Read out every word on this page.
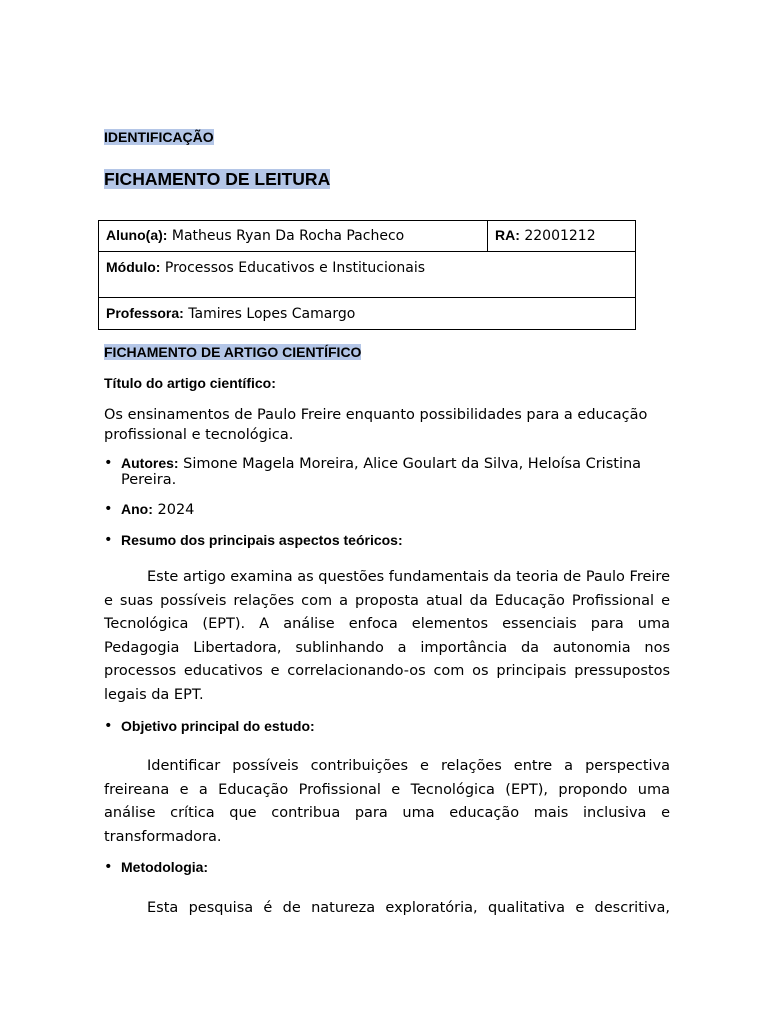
IDENTIFICAÇÃO
FICHAMENTO DE LEITURA
Aluno(a): Matheus Ryan Da Rocha Pacheco	RA: 22001212
Módulo: Processos Educativos e Institucionais
Professora: Tamires Lopes Camargo
FICHAMENTO DE ARTIGO CIENTÍFICO
Título do artigo científico:
Os ensinamentos de Paulo Freire enquanto possibilidades para a educação profissional e tecnológica.
• Autores: Simone Magela Moreira, Alice Goulart da Silva, Heloísa Cristina Pereira.
• Ano: 2024
• Resumo dos principais aspectos teóricos:
Este artigo examina as questões fundamentais da teoria de Paulo Freire e suas possíveis relações com a proposta atual da Educação Profissional e Tecnológica (EPT). A análise enfoca elementos essenciais para uma Pedagogia Libertadora, sublinhando a importância da autonomia nos processos educativos e correlacionando-os com os principais pressupostos legais da EPT.
• Objetivo principal do estudo:
Identificar possíveis contribuições e relações entre a perspectiva freireana e a Educação Profissional e Tecnológica (EPT), propondo uma análise crítica que contribua para uma educação mais inclusiva e transformadora.
• Metodologia:
Esta pesquisa é de natureza exploratória, qualitativa e descritiva,
